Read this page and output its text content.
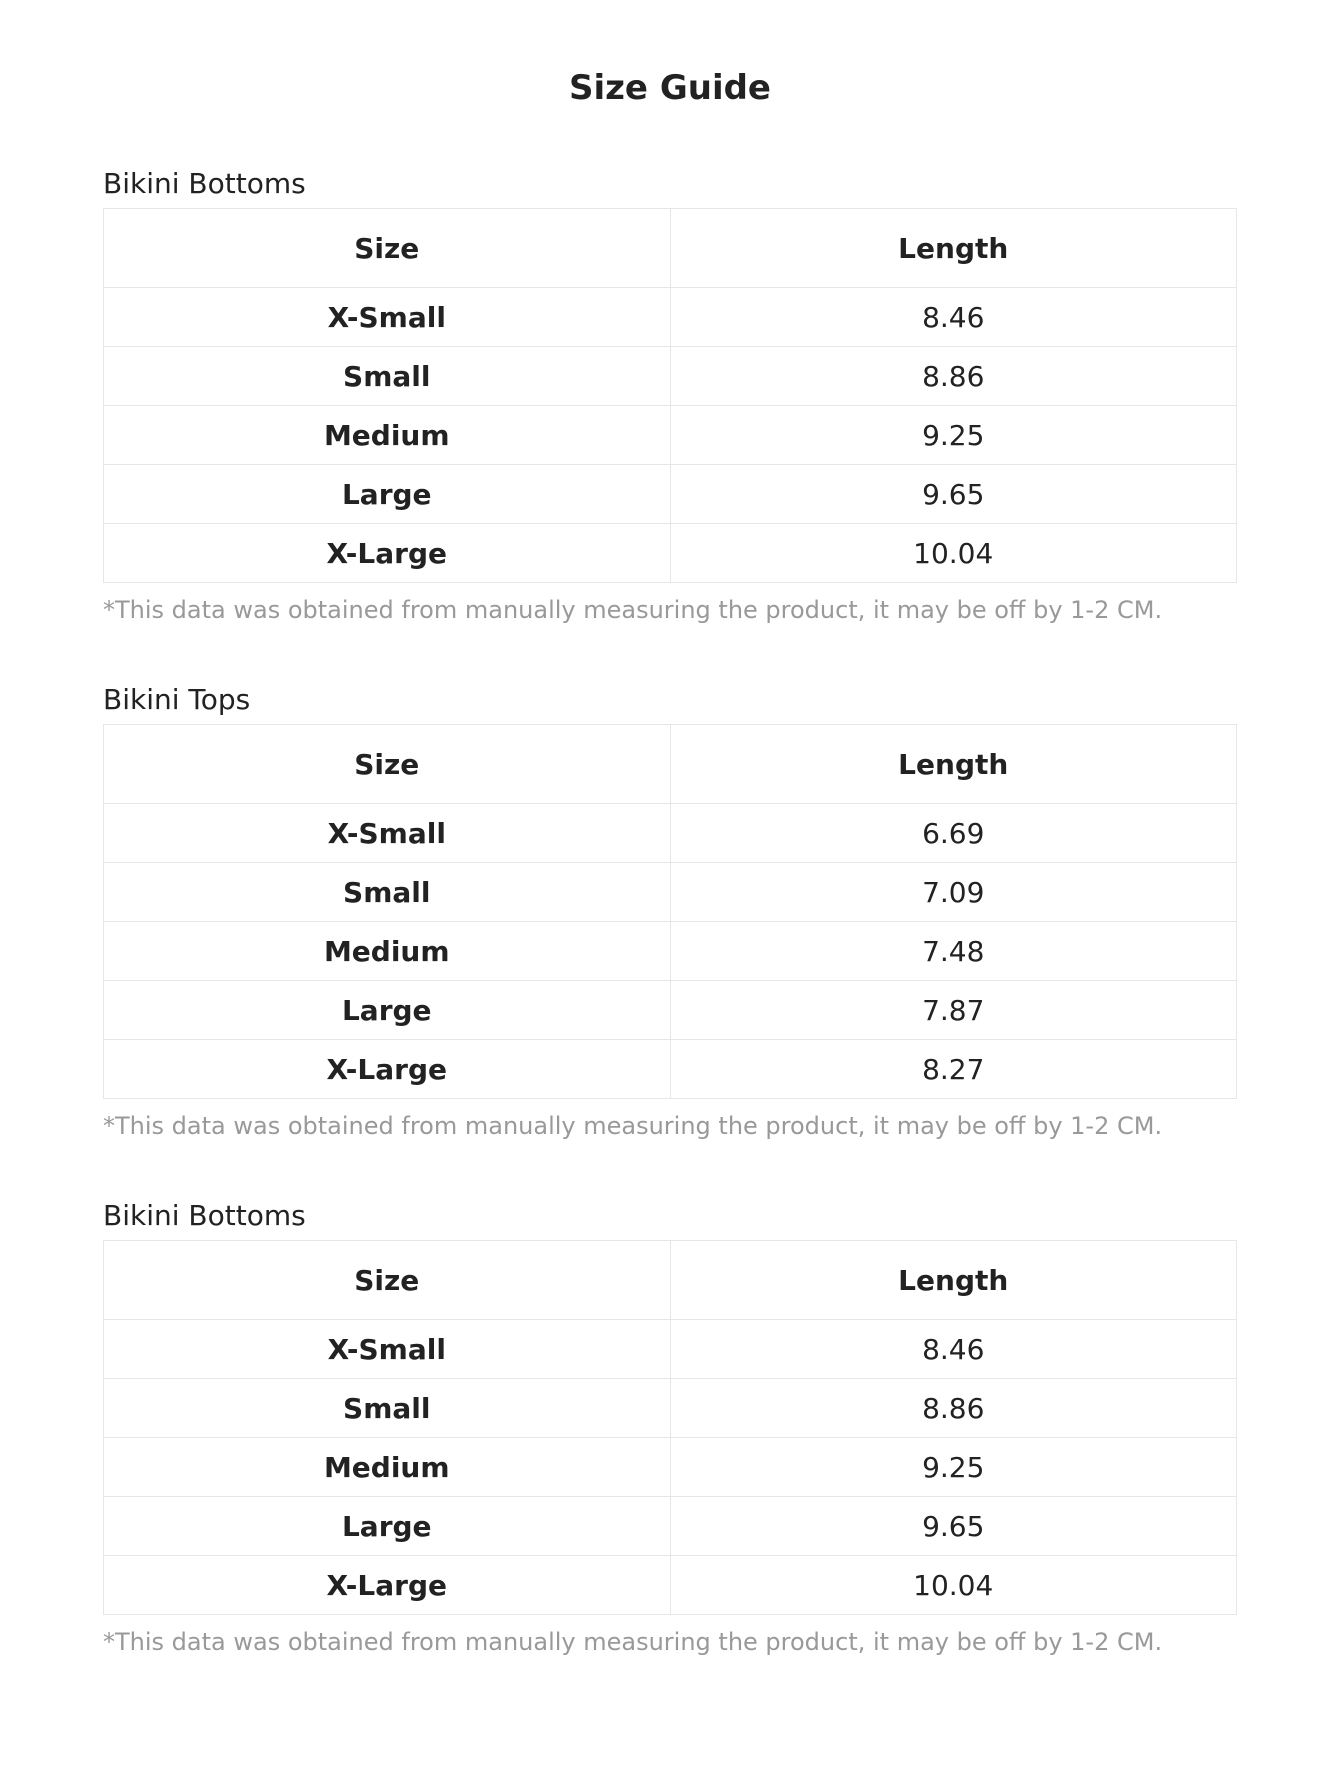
Size Guide
Bikini Bottoms
Size	Length
X-Small	8.46
Small	8.86
Medium	9.25
Large	9.65
X-Large	10.04
*This data was obtained from manually measuring the product, it may be off by 1-2 CM.
Bikini Tops
Size	Length
X-Small	6.69
Small	7.09
Medium	7.48
Large	7.87
X-Large	8.27
*This data was obtained from manually measuring the product, it may be off by 1-2 CM.
Bikini Bottoms
Size	Length
X-Small	8.46
Small	8.86
Medium	9.25
Large	9.65
X-Large	10.04
*This data was obtained from manually measuring the product, it may be off by 1-2 CM.
